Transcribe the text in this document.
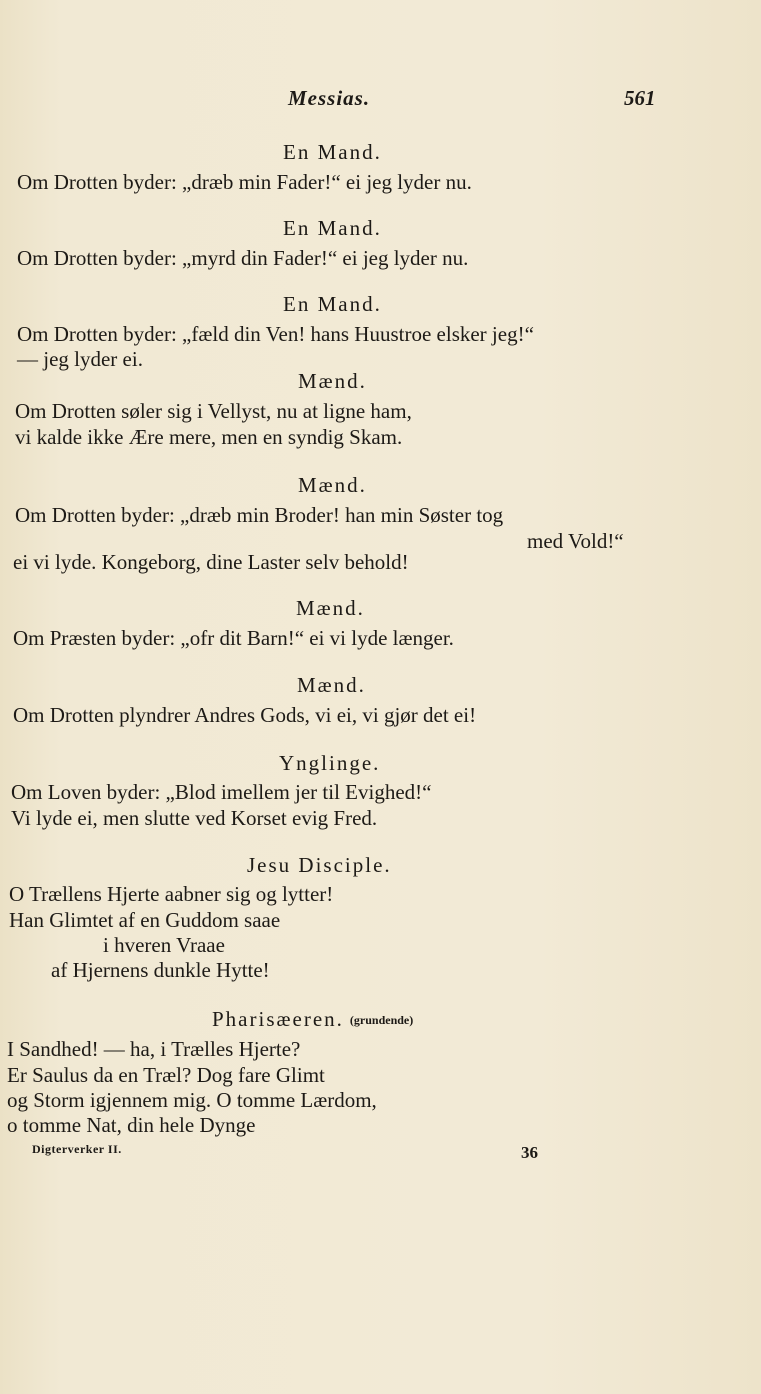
Messias.	561
En Mand.
Om Drotten byder: „dræb min Fader!“ ei jeg lyder nu.
En Mand.
Om Drotten byder: „myrd din Fader!“ ei jeg lyder nu.
En Mand.
Om Drotten byder: „fæld din Ven! hans Huustroe elsker jeg!“
— jeg lyder ei.
Mænd.
Om Drotten søler sig i Vellyst, nu at ligne ham,
vi kalde ikke Ære mere, men en syndig Skam.
Mænd.
Om Drotten byder: „dræb min Broder! han min Søster tog
med Vold!“
ei vi lyde. Kongeborg, dine Laster selv behold!
Mænd.
Om Præsten byder: „ofr dit Barn!“ ei vi lyde længer.
Mænd.
Om Drotten plyndrer Andres Gods, vi ei, vi gjør det ei!
Ynglinge.
Om Loven byder: „Blod imellem jer til Evighed!“
Vi lyde ei, men slutte ved Korset evig Fred.
Jesu Disciple.
O Trællens Hjerte aabner sig og lytter!
Han Glimtet af en Guddom saae
i hveren Vraae
af Hjernens dunkle Hytte!
Pharisæeren. (grundende)
I Sandhed! — ha, i Trælles Hjerte?
Er Saulus da en Træl? Dog fare Glimt
og Storm igjennem mig. O tomme Lærdom,
o tomme Nat, din hele Dynge
Digterverker II.	36
